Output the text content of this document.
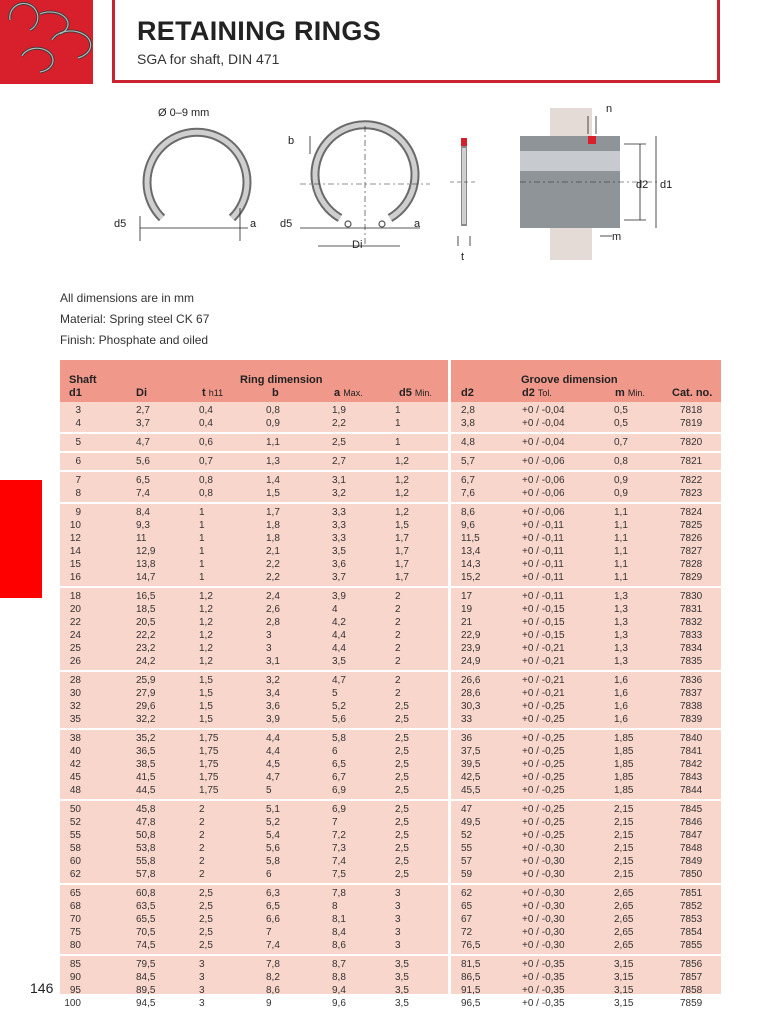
RETAINING RINGS
SGA for shaft, DIN 471
Ø 0–9 mm
d5	a
b
d5	a
Di
t
n
d2 d1
m
All dimensions are in mm
Material: Spring steel CK 67
Finish: Phosphate and oiled
Shaft
d1
Ring dimension
Di	t h11	b	a Max.	d5 Min.	d2
Groove dimension
d2 Tol.	m Min. Cat. no.
3	2,7	0,4	0,8	1,9	1	2,8	+0 / -0,04	0,5	7818
4	3,7	0,4	0,9	2,2	1	3,8	+0 / -0,04	0,5	7819
5	4,7	0,6	1,1	2,5	1	4,8	+0 / -0,04	0,7	7820
6	5,6	0,7	1,3	2,7	1,2	5,7	+0 / -0,06	0,8	7821
7	6,5	0,8	1,4	3,1	1,2	6,7	+0 / -0,06	0,9	7822
8	7,4	0,8	1,5	3,2	1,2	7,6	+0 / -0,06	0,9	7823
9	8,4	1	1,7	3,3	1,2	8,6	+0 / -0,06	1,1	7824
10	9,3	1	1,8	3,3	1,5	9,6	+0 / -0,11	1,1	7825
12	11	1	1,8	3,3	1,7	11,5	+0 / -0,11	1,1	7826
14	12,9	1	2,1	3,5	1,7	13,4	+0 / -0,11	1,1	7827
15	13,8	1	2,2	3,6	1,7	14,3	+0 / -0,11	1,1	7828
16	14,7	1	2,2	3,7	1,7	15,2	+0 / -0,11	1,1	7829
18	16,5	1,2	2,4	3,9	2	17	+0 / -0,11	1,3	7830
20	18,5	1,2	2,6	4	2	19	+0 / -0,15	1,3	7831
22	20,5	1,2	2,8	4,2	2	21	+0 / -0,15	1,3	7832
24	22,2	1,2	3	4,4	2	22,9	+0 / -0,15	1,3	7833
25	23,2	1,2	3	4,4	2	23,9	+0 / -0,21	1,3	7834
26	24,2	1,2	3,1	3,5	2	24,9	+0 / -0,21	1,3	7835
28	25,9	1,5	3,2	4,7	2	26,6	+0 / -0,21	1,6	7836
30	27,9	1,5	3,4	5	2	28,6	+0 / -0,21	1,6	7837
32	29,6	1,5	3,6	5,2	2,5	30,3	+0 / -0,25	1,6	7838
35	32,2	1,5	3,9	5,6	2,5	33	+0 / -0,25	1,6	7839
38	35,2	1,75	4,4	5,8	2,5	36	+0 / -0,25	1,85	7840
40	36,5	1,75	4,4	6	2,5	37,5	+0 / -0,25	1,85	7841
42	38,5	1,75	4,5	6,5	2,5	39,5	+0 / -0,25	1,85	7842
45	41,5	1,75	4,7	6,7	2,5	42,5	+0 / -0,25	1,85	7843
48	44,5	1,75	5	6,9	2,5	45,5	+0 / -0,25	1,85	7844
50	45,8	2	5,1	6,9	2,5	47	+0 / -0,25	2,15	7845
52	47,8	2	5,2	7	2,5	49,5	+0 / -0,25	2,15	7846
55	50,8	2	5,4	7,2	2,5	52	+0 / -0,25	2,15	7847
58	53,8	2	5,6	7,3	2,5	55	+0 / -0,30	2,15	7848
60	55,8	2	5,8	7,4	2,5	57	+0 / -0,30	2,15	7849
62	57,8	2	6	7,5	2,5	59	+0 / -0,30	2,15	7850
65	60,8	2,5	6,3	7,8	3	62	+0 / -0,30	2,65	7851
68	63,5	2,5	6,5	8	3	65	+0 / -0,30	2,65	7852
70	65,5	2,5	6,6	8,1	3	67	+0 / -0,30	2,65	7853
75	70,5	2,5	7	8,4	3	72	+0 / -0,30	2,65	7854
80	74,5	2,5	7,4	8,6	3	76,5	+0 / -0,30	2,65	7855
85	79,5	3	7,8	8,7	3,5	81,5	+0 / -0,35	3,15	7856
90	84,5	3	8,2	8,8	3,5	86,5	+0 / -0,35	3,15	7857
95	89,5	3	8,6	9,4	3,5	91,5	+0 / -0,35	3,15	7858
100	94,5	3	9	9,6	3,5	96,5	+0 / -0,35	3,15	7859
146
